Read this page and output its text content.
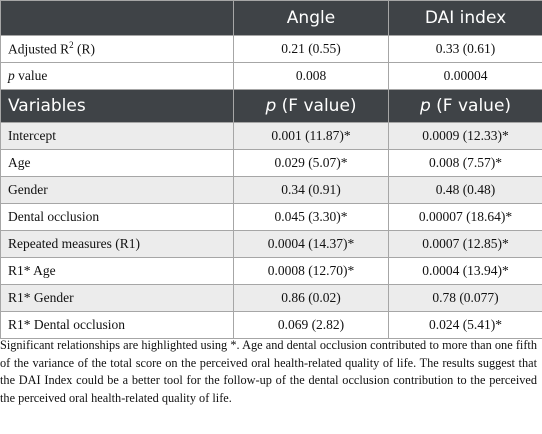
	Angle	DAI index
Adjusted $R^2$ (R)	0.21 (0.55)	0.33 (0.61)
p value	0.008	0.00004
Variables	p (F value)	p (F value)
Intercept	0.001 (11.87)*	0.0009 (12.33)*
Age	0.029 (5.07)*	0.008 (7.57)*
Gender	0.34 (0.91)	0.48 (0.48)
Dental occlusion	0.045 (3.30)*	0.00007 (18.64)*
Repeated measures (R1)	0.0004 (14.37)*	0.0007 (12.85)*
R1* Age	0.0008 (12.70)*	0.0004 (13.94)*
R1* Gender	0.86 (0.02)	0.78 (0.077)
R1* Dental occlusion	0.069 (2.82)	0.024 (5.41)*
Significant relationships are highlighted using *. Age and dental occlusion contributed to more than one fifth of the variance of the total score on the perceived oral health-related quality of life. The results suggest that the DAI Index could be a better tool for the follow-up of the dental occlusion contribution to the perceived the perceived oral health-related quality of life.
